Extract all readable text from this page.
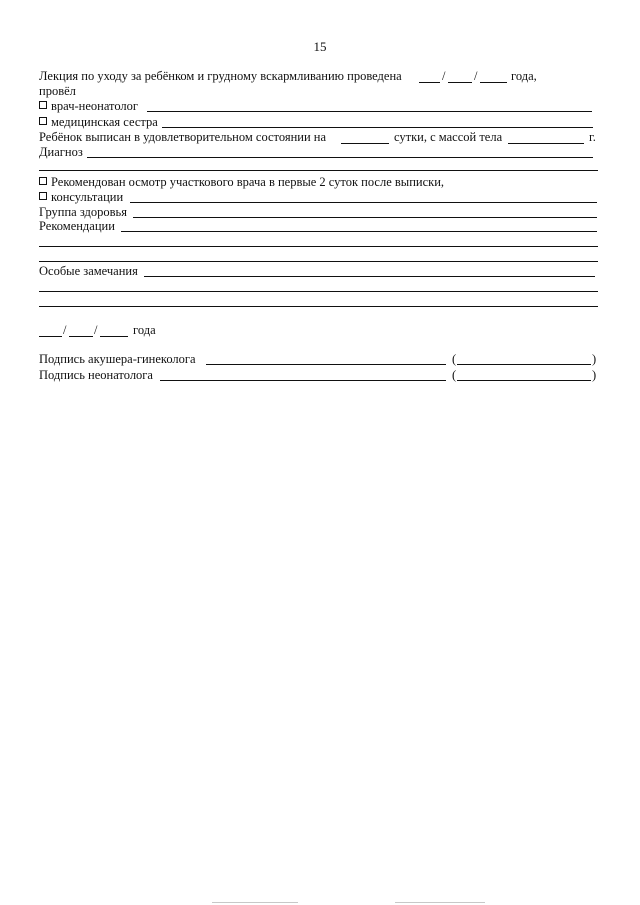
15
Лекция по уходу за ребёнком и грудному вскармливанию проведена	/ /	года,
провёл
врач-неонатолог
медицинская сестра
Ребёнок выписан в удовлетворительном состоянии на	сутки, с массой тела	г.
Диагноз
Рекомендован осмотр участкового врача в первые 2 суток после выписки,
консультации
Группа здоровья
Рекомендации
Особые замечания
/ /	года
Подпись акушера-гинеколога	(	)
Подпись неонатолога	(	)
